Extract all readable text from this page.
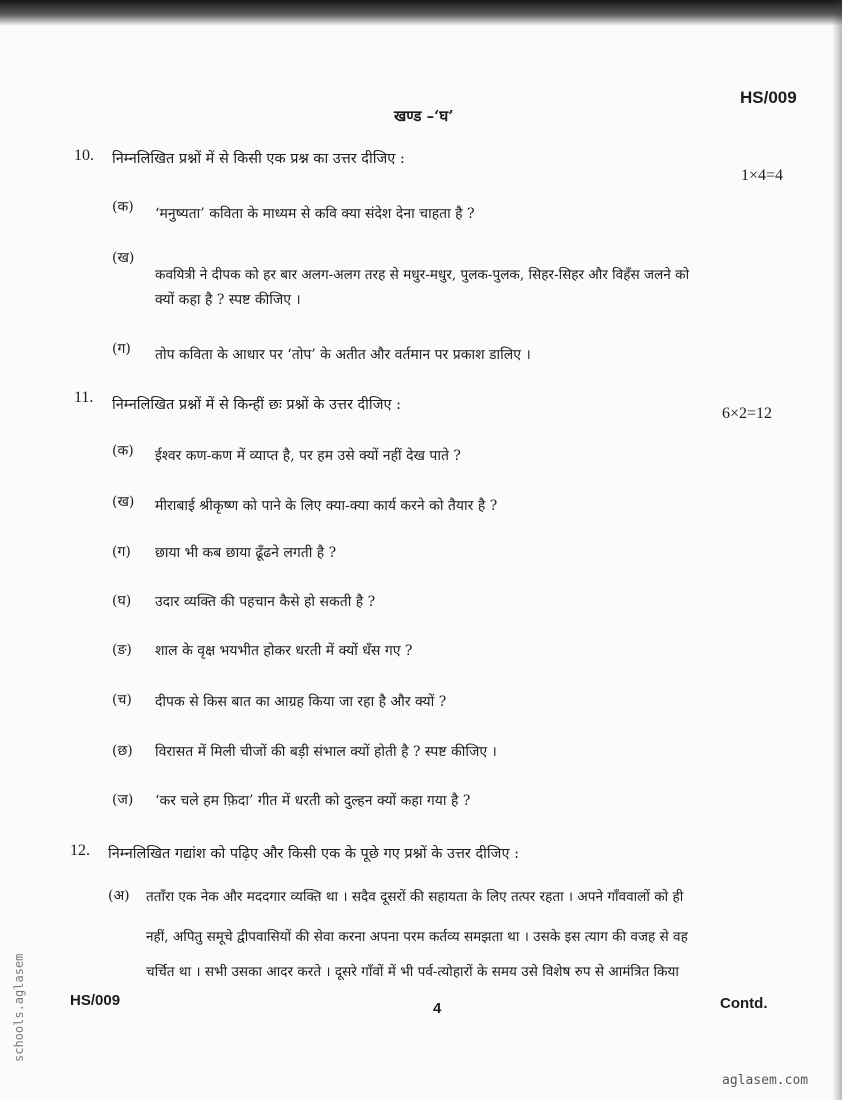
HS/009
खण्ड –‘घ’
10. निम्नलिखित प्रश्नों में से किसी एक प्रश्न का उत्तर दीजिए :
1×4=4
(क) ‘मनुष्यता’ कविता के माध्यम से कवि क्या संदेश देना चाहता है ?
(ख)
कवयित्री ने दीपक को हर बार अलग-अलग तरह से मधुर-मधुर, पुलक-पुलक, सिहर-सिहर और विहँस जलने को
क्यों कहा है ? स्पष्ट कीजिए ।
(ग) तोप कविता के आधार पर ‘तोप’ के अतीत और वर्तमान पर प्रकाश डालिए ।
11. निम्नलिखित प्रश्नों में से किन्हीं छः प्रश्नों के उत्तर दीजिए :	6×2=12
(क) ईश्वर कण-कण में व्याप्त है, पर हम उसे क्यों नहीं देख पाते ?
(ख) मीराबाई श्रीकृष्ण को पाने के लिए क्या-क्या कार्य करने को तैयार है ?
(ग) छाया भी कब छाया ढूँढने लगती है ?
(घ) उदार व्यक्ति की पहचान कैसे हो सकती है ?
(ङ) शाल के वृक्ष भयभीत होकर धरती में क्यों धँस गए ?
(च) दीपक से किस बात का आग्रह किया जा रहा है और क्यों ?
(छ) विरासत में मिली चीजों की बड़ी संभाल क्यों होती है ? स्पष्ट कीजिए ।
(ज) ‘कर चले हम फ़िदा’ गीत में धरती को दुल्हन क्यों कहा गया है ?
12. निम्नलिखित गद्यांश को पढ़िए और किसी एक के पूछे गए प्रश्नों के उत्तर दीजिए :
(अ) तताँरा एक नेक और मददगार व्यक्ति था । सदैव दूसरों की सहायता के लिए तत्पर रहता । अपने गाँववालों को ही
नहीं, अपितु समूचे द्वीपवासियों की सेवा करना अपना परम कर्तव्य समझता था । उसके इस त्याग की वजह से वह
चर्चित था । सभी उसका आदर करते । दूसरे गाँवों में भी पर्व-त्योहारों के समय उसे विशेष रुप से आमंत्रित किया
HS/009	4	Contd.
schools.aglasem
aglasem.com
